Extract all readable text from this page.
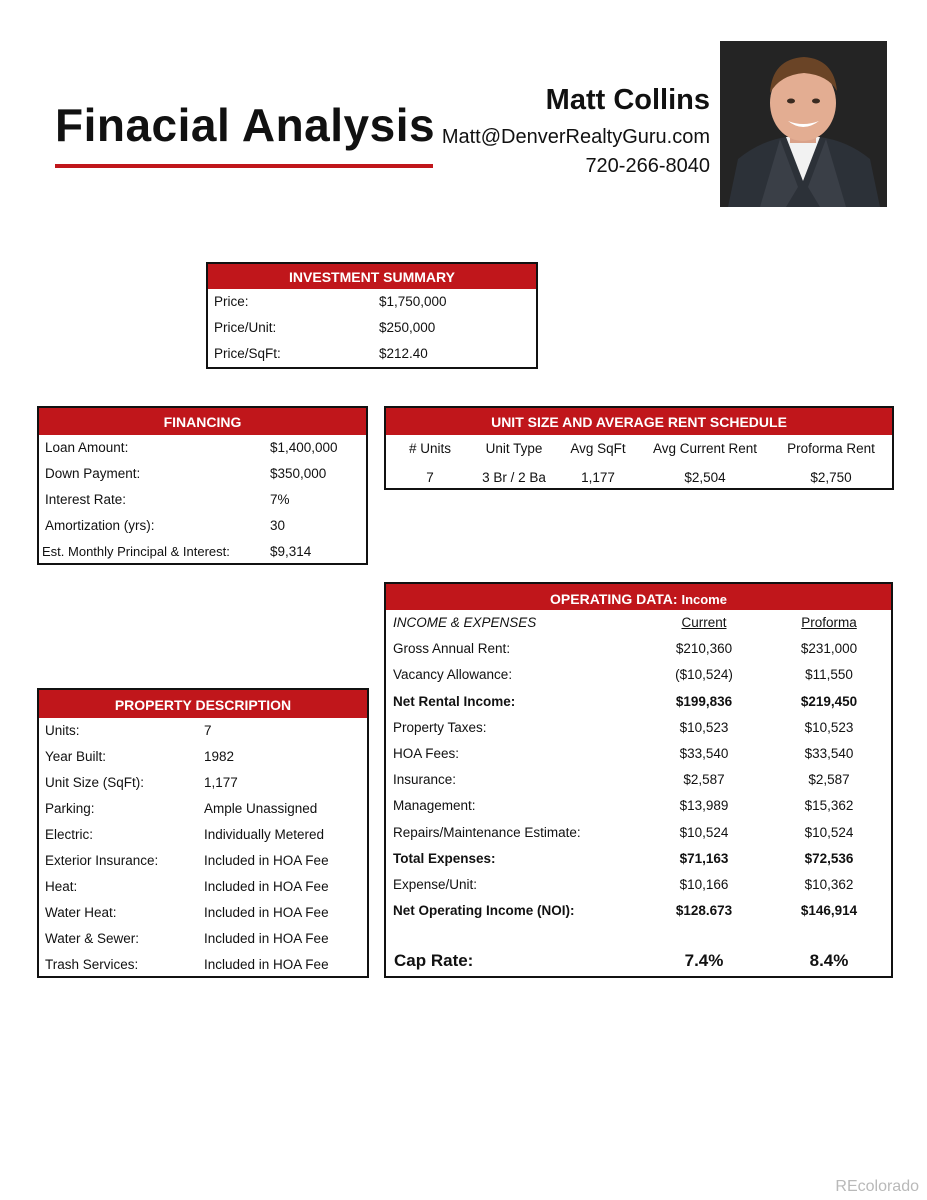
Finacial Analysis	Matt Collins
Matt@DenverRealtyGuru.com
720-266-8040
INVESTMENT SUMMARY
Price:	$1,750,000
Price/Unit:	$250,000
Price/SqFt:	$212.40
FINANCING
Loan Amount:	$1,400,000
Down Payment:	$350,000
Interest Rate:	7%
Amortization (yrs):	30
Est. Monthly Principal & Interest:	$9,314
UNIT SIZE AND AVERAGE RENT SCHEDULE
# Units	Unit Type	Avg SqFt	Avg Current Rent	Proforma Rent
7	3 Br / 2 Ba	1,177	$2,504	$2,750
OPERATING DATA: Income
INCOME & EXPENSES	Current	Proforma
Gross Annual Rent:	$210,360	$231,000
Vacancy Allowance:	($10,524)	$11,550
Net Rental Income:	$199,836	$219,450
Property Taxes:	$10,523	$10,523
HOA Fees:	$33,540	$33,540
Insurance:	$2,587	$2,587
Management:	$13,989	$15,362
Repairs/Maintenance Estimate:	$10,524	$10,524
Total Expenses:	$71,163	$72,536
Expense/Unit:	$10,166	$10,362
Net Operating Income (NOI):	$128.673	$146,914
Cap Rate:	7.4%	8.4%
PROPERTY DESCRIPTION
Units:	7
Year Built:	1982
Unit Size (SqFt):	1,177
Parking:	Ample Unassigned
Electric:	Individually Metered
Exterior Insurance:	Included in HOA Fee
Heat:	Included in HOA Fee
Water Heat:	Included in HOA Fee
Water & Sewer:	Included in HOA Fee
Trash Services:	Included in HOA Fee
REcolorado
